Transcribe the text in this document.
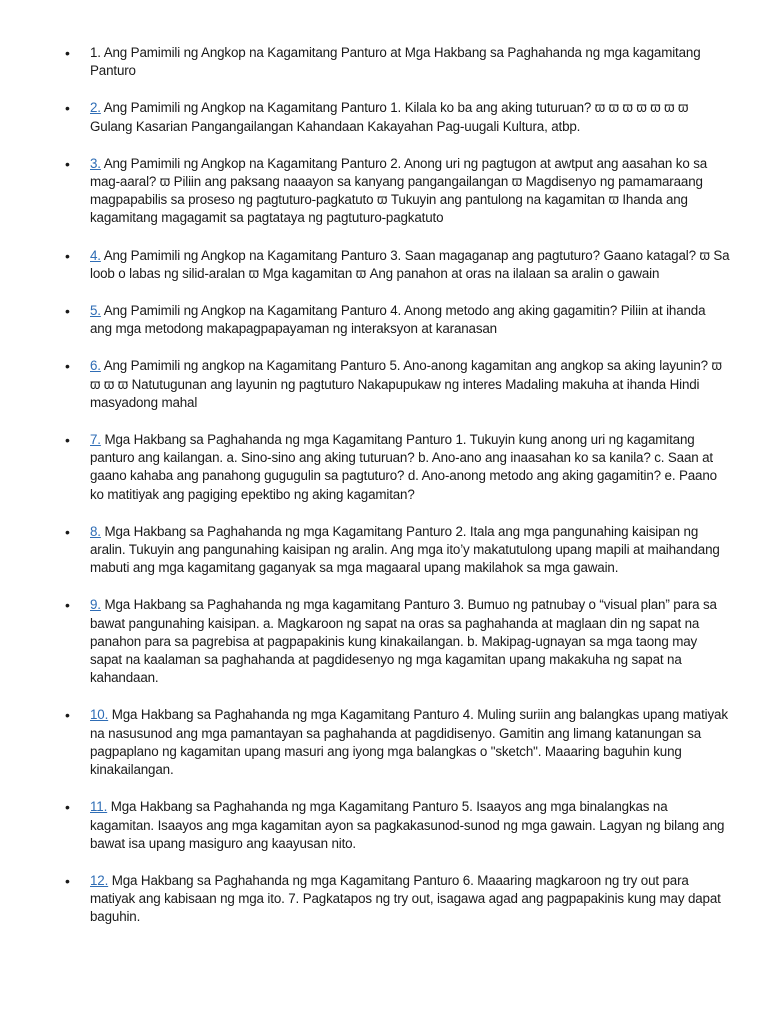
• 1. Ang Pamimili ng Angkop na Kagamitang Panturo at Mga Hakbang sa Paghahanda ng mga kagamitang Panturo
• 2. Ang Pamimili ng Angkop na Kagamitang Panturo 1. Kilala ko ba ang aking tuturuan? ϖ ϖ ϖ ϖ ϖ ϖ ϖ Gulang Kasarian Pangangailangan Kahandaan Kakayahan Pag-uugali Kultura, atbp.
• 3. Ang Pamimili ng Angkop na Kagamitang Panturo 2. Anong uri ng pagtugon at awtput ang aasahan ko sa mag-aaral? ϖ Piliin ang paksang naaayon sa kanyang pangangailangan ϖ Magdisenyo ng pamamaraang magpapabilis sa proseso ng pagtuturo-pagkatuto ϖ Tukuyin ang pantulong na kagamitan ϖ Ihanda ang kagamitang magagamit sa pagtataya ng pagtuturo-pagkatuto
• 4. Ang Pamimili ng Angkop na Kagamitang Panturo 3. Saan magaganap ang pagtuturo? Gaano katagal? ϖ Sa loob o labas ng silid-aralan ϖ Mga kagamitan ϖ Ang panahon at oras na ilalaan sa aralin o gawain
• 5. Ang Pamimili ng Angkop na Kagamitang Panturo 4. Anong metodo ang aking gagamitin? Piliin at ihanda ang mga metodong makapagpapayaman ng interaksyon at karanasan
• 6. Ang Pamimili ng angkop na Kagamitang Panturo 5. Ano-anong kagamitan ang angkop sa aking layunin? ϖ ϖ ϖ ϖ Natutugunan ang layunin ng pagtuturo Nakapupukaw ng interes Madaling makuha at ihanda Hindi masyadong mahal
• 7. Mga Hakbang sa Paghahanda ng mga Kagamitang Panturo 1. Tukuyin kung anong uri ng kagamitang panturo ang kailangan. a. Sino-sino ang aking tuturuan? b. Ano-ano ang inaasahan ko sa kanila? c. Saan at gaano kahaba ang panahong gugugulin sa pagtuturo? d. Ano-anong metodo ang aking gagamitin? e. Paano ko matitiyak ang pagiging epektibo ng aking kagamitan?
• 8. Mga Hakbang sa Paghahanda ng mga Kagamitang Panturo 2. Itala ang mga pangunahing kaisipan ng aralin. Tukuyin ang pangunahing kaisipan ng aralin. Ang mga ito’y makatutulong upang mapili at maihandang mabuti ang mga kagamitang gaganyak sa mga magaaral upang makilahok sa mga gawain.
• 9. Mga Hakbang sa Paghahanda ng mga kagamitang Panturo 3. Bumuo ng patnubay o “visual plan” para sa bawat pangunahing kaisipan. a. Magkaroon ng sapat na oras sa paghahanda at maglaan din ng sapat na panahon para sa pagrebisa at pagpapakinis kung kinakailangan. b. Makipag-ugnayan sa mga taong may sapat na kaalaman sa paghahanda at pagdidesenyo ng mga kagamitan upang makakuha ng sapat na kahandaan.
• 10. Mga Hakbang sa Paghahanda ng mga Kagamitang Panturo 4. Muling suriin ang balangkas upang matiyak na nasusunod ang mga pamantayan sa paghahanda at pagdidisenyo. Gamitin ang limang katanungan sa pagpaplano ng kagamitan upang masuri ang iyong mga balangkas o "sketch". Maaaring baguhin kung kinakailangan.
• 11. Mga Hakbang sa Paghahanda ng mga Kagamitang Panturo 5. Isaayos ang mga binalangkas na kagamitan. Isaayos ang mga kagamitan ayon sa pagkakasunod-sunod ng mga gawain. Lagyan ng bilang ang bawat isa upang masiguro ang kaayusan nito.
• 12. Mga Hakbang sa Paghahanda ng mga Kagamitang Panturo 6. Maaaring magkaroon ng try out para matiyak ang kabisaan ng mga ito. 7. Pagkatapos ng try out, isagawa agad ang pagpapakinis kung may dapat baguhin.
